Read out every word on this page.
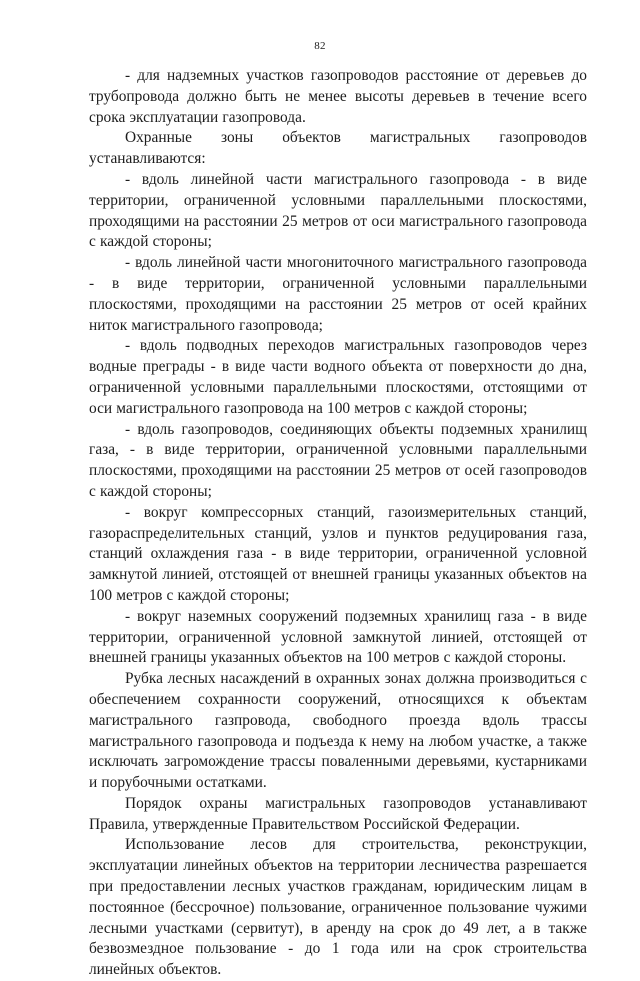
82

- для надземных участков газопроводов расстояние от деревьев до трубопровода должно быть не менее высоты деревьев в течение всего срока эксплуатации газопровода.

Охранные зоны объектов магистральных газопроводов устанавливаются:

- вдоль линейной части магистрального газопровода - в виде территории, ограниченной условными параллельными плоскостями, проходящими на расстоянии 25 метров от оси магистрального газопровода с каждой стороны;

- вдоль линейной части многониточного магистрального газопровода - в виде территории, ограниченной условными параллельными плоскостями, проходящими на расстоянии 25 метров от осей крайних ниток магистрального газопровода;

- вдоль подводных переходов магистральных газопроводов через водные преграды - в виде части водного объекта от поверхности до дна, ограниченной условными параллельными плоскостями, отстоящими от оси магистрального газопровода на 100 метров с каждой стороны;

- вдоль газопроводов, соединяющих объекты подземных хранилищ газа, - в виде территории, ограниченной условными параллельными плоскостями, проходящими на расстоянии 25 метров от осей газопроводов с каждой стороны;

- вокруг компрессорных станций, газоизмерительных станций, газораспределительных станций, узлов и пунктов редуцирования газа, станций охлаждения газа - в виде территории, ограниченной условной замкнутой линией, отстоящей от внешней границы указанных объектов на 100 метров с каждой стороны;

- вокруг наземных сооружений подземных хранилищ газа - в виде территории, ограниченной условной замкнутой линией, отстоящей от внешней границы указанных объектов на 100 метров с каждой стороны.

Рубка лесных насаждений в охранных зонах должна производиться с обеспечением сохранности сооружений, относящихся к объектам магистрального газпровода, свободного проезда вдоль трассы магистрального газопровода и подъезда к нему на любом участке, а также исключать загромождение трассы поваленными деревьями, кустарниками и порубочными остатками.

Порядок охраны магистральных газопроводов устанавливают Правила, утвержденные Правительством Российской Федерации.

Использование лесов для строительства, реконструкции, эксплуатации линейных объектов на территории лесничества разрешается при предоставлении лесных участков гражданам, юридическим лицам в постоянное (бессрочное) пользование, ограниченное пользование чужими лесными участками (сервитут), в аренду на срок до 49 лет, а в также безвозмездное пользование - до 1 года или на срок строительства линейных объектов.
